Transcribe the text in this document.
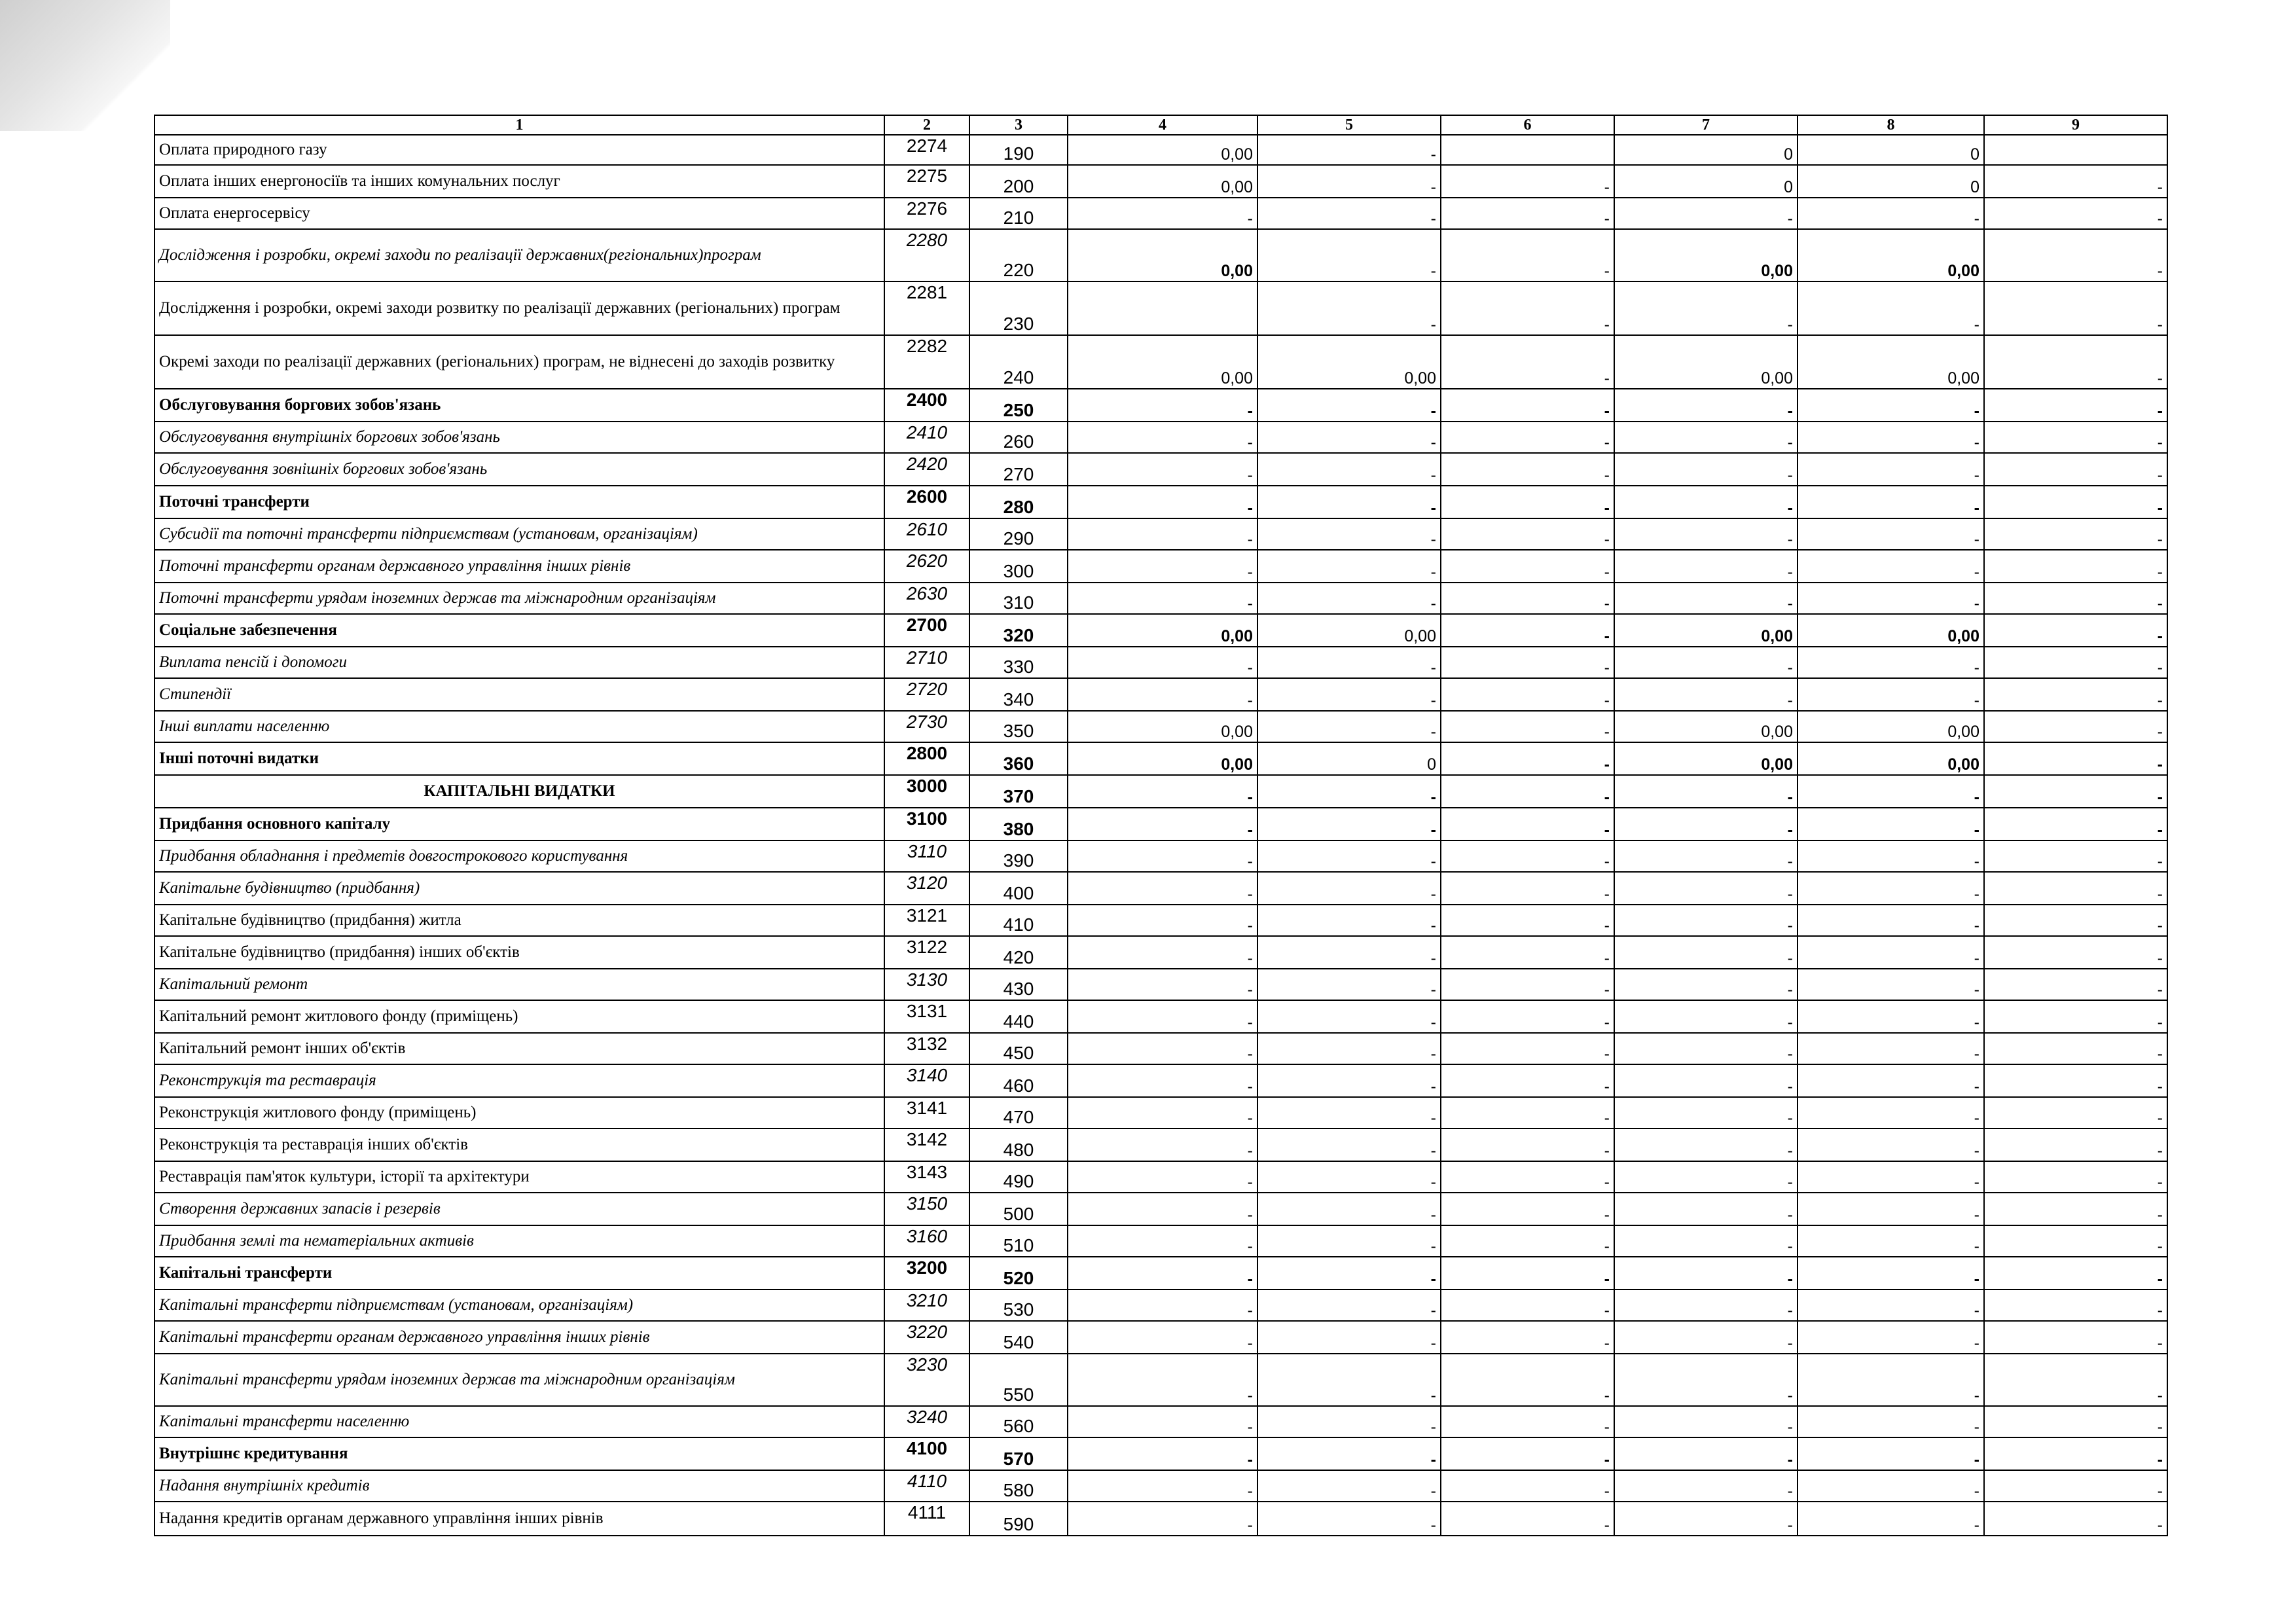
1	2	3	4	5	6	7	8	9
Оплата природного газу	2274	190	0,00	-		0	0	
Оплата інших енергоносіїв та інших комунальних послуг	2275	200	0,00	-	-	0	0	-
Оплата енергосервісу	2276	210	-	-	-	-	-	-
Дослідження і розробки, окремі заходи по реалізації державних(регіональних)програм	2280	220	0,00	-	-	0,00	0,00	-
Дослідження і розробки, окремі заходи розвитку по реалізації державних (регіональних) програм	2281	230		-	-	-	-	-
Окремі заходи по реалізації державних (регіональних) програм, не віднесені до заходів розвитку	2282	240	0,00	0,00	-	0,00	0,00	-
Обслуговування боргових зобов'язань	2400	250	-	-	-	-	-	-
Обслуговування внутрішніх боргових зобов'язань	2410	260	-	-	-	-	-	-
Обслуговування зовнішніх боргових зобов'язань	2420	270	-	-	-	-	-	-
Поточні трансферти	2600	280	-	-	-	-	-	-
Субсидії та поточні трансферти підприємствам (установам, організаціям)	2610	290	-	-	-	-	-	-
Поточні трансферти органам державного управління інших рівнів	2620	300	-	-	-	-	-	-
Поточні трансферти урядам іноземних держав та міжнародним організаціям	2630	310	-	-	-	-	-	-
Соціальне забезпечення	2700	320	0,00	0,00	-	0,00	0,00	-
Виплата пенсій і допомоги	2710	330	-	-	-	-	-	-
Стипендії	2720	340	-	-	-	-	-	-
Інші виплати населенню	2730	350	0,00	-	-	0,00	0,00	-
Інші поточні видатки	2800	360	0,00	0	-	0,00	0,00	-
КАПІТАЛЬНІ ВИДАТКИ	3000	370	-	-	-	-	-	-
Придбання основного капіталу	3100	380	-	-	-	-	-	-
Придбання обладнання і предметів довгострокового користування	3110	390	-	-	-	-	-	-
Капітальне будівництво (придбання)	3120	400	-	-	-	-	-	-
Капітальне будівництво (придбання) житла	3121	410	-	-	-	-	-	-
Капітальне будівництво (придбання) інших об'єктів	3122	420	-	-	-	-	-	-
Капітальний ремонт	3130	430	-	-	-	-	-	-
Капітальний ремонт житлового фонду (приміщень)	3131	440	-	-	-	-	-	-
Капітальний ремонт інших об'єктів	3132	450	-	-	-	-	-	-
Реконструкція та реставрація	3140	460	-	-	-	-	-	-
Реконструкція житлового фонду (приміщень)	3141	470	-	-	-	-	-	-
Реконструкція та реставрація інших об'єктів	3142	480	-	-	-	-	-	-
Реставрація пам'яток культури, історії та архітектури	3143	490	-	-	-	-	-	-
Створення державних запасів і резервів	3150	500	-	-	-	-	-	-
Придбання землі та нематеріальних активів	3160	510	-	-	-	-	-	-
Капітальні трансферти	3200	520	-	-	-	-	-	-
Капітальні трансферти підприємствам (установам, організаціям)	3210	530	-	-	-	-	-	-
Капітальні трансферти органам державного управління інших рівнів	3220	540	-	-	-	-	-	-
Капітальні трансферти урядам іноземних держав та міжнародним організаціям	3230	550	-	-	-	-	-	-
Капітальні трансферти населенню	3240	560	-	-	-	-	-	-
Внутрішнє кредитування	4100	570	-	-	-	-	-	-
Надання внутрішніх кредитів	4110	580	-	-	-	-	-	-
Надання кредитів органам державного управління інших рівнів	4111	590	-	-	-	-	-	-
